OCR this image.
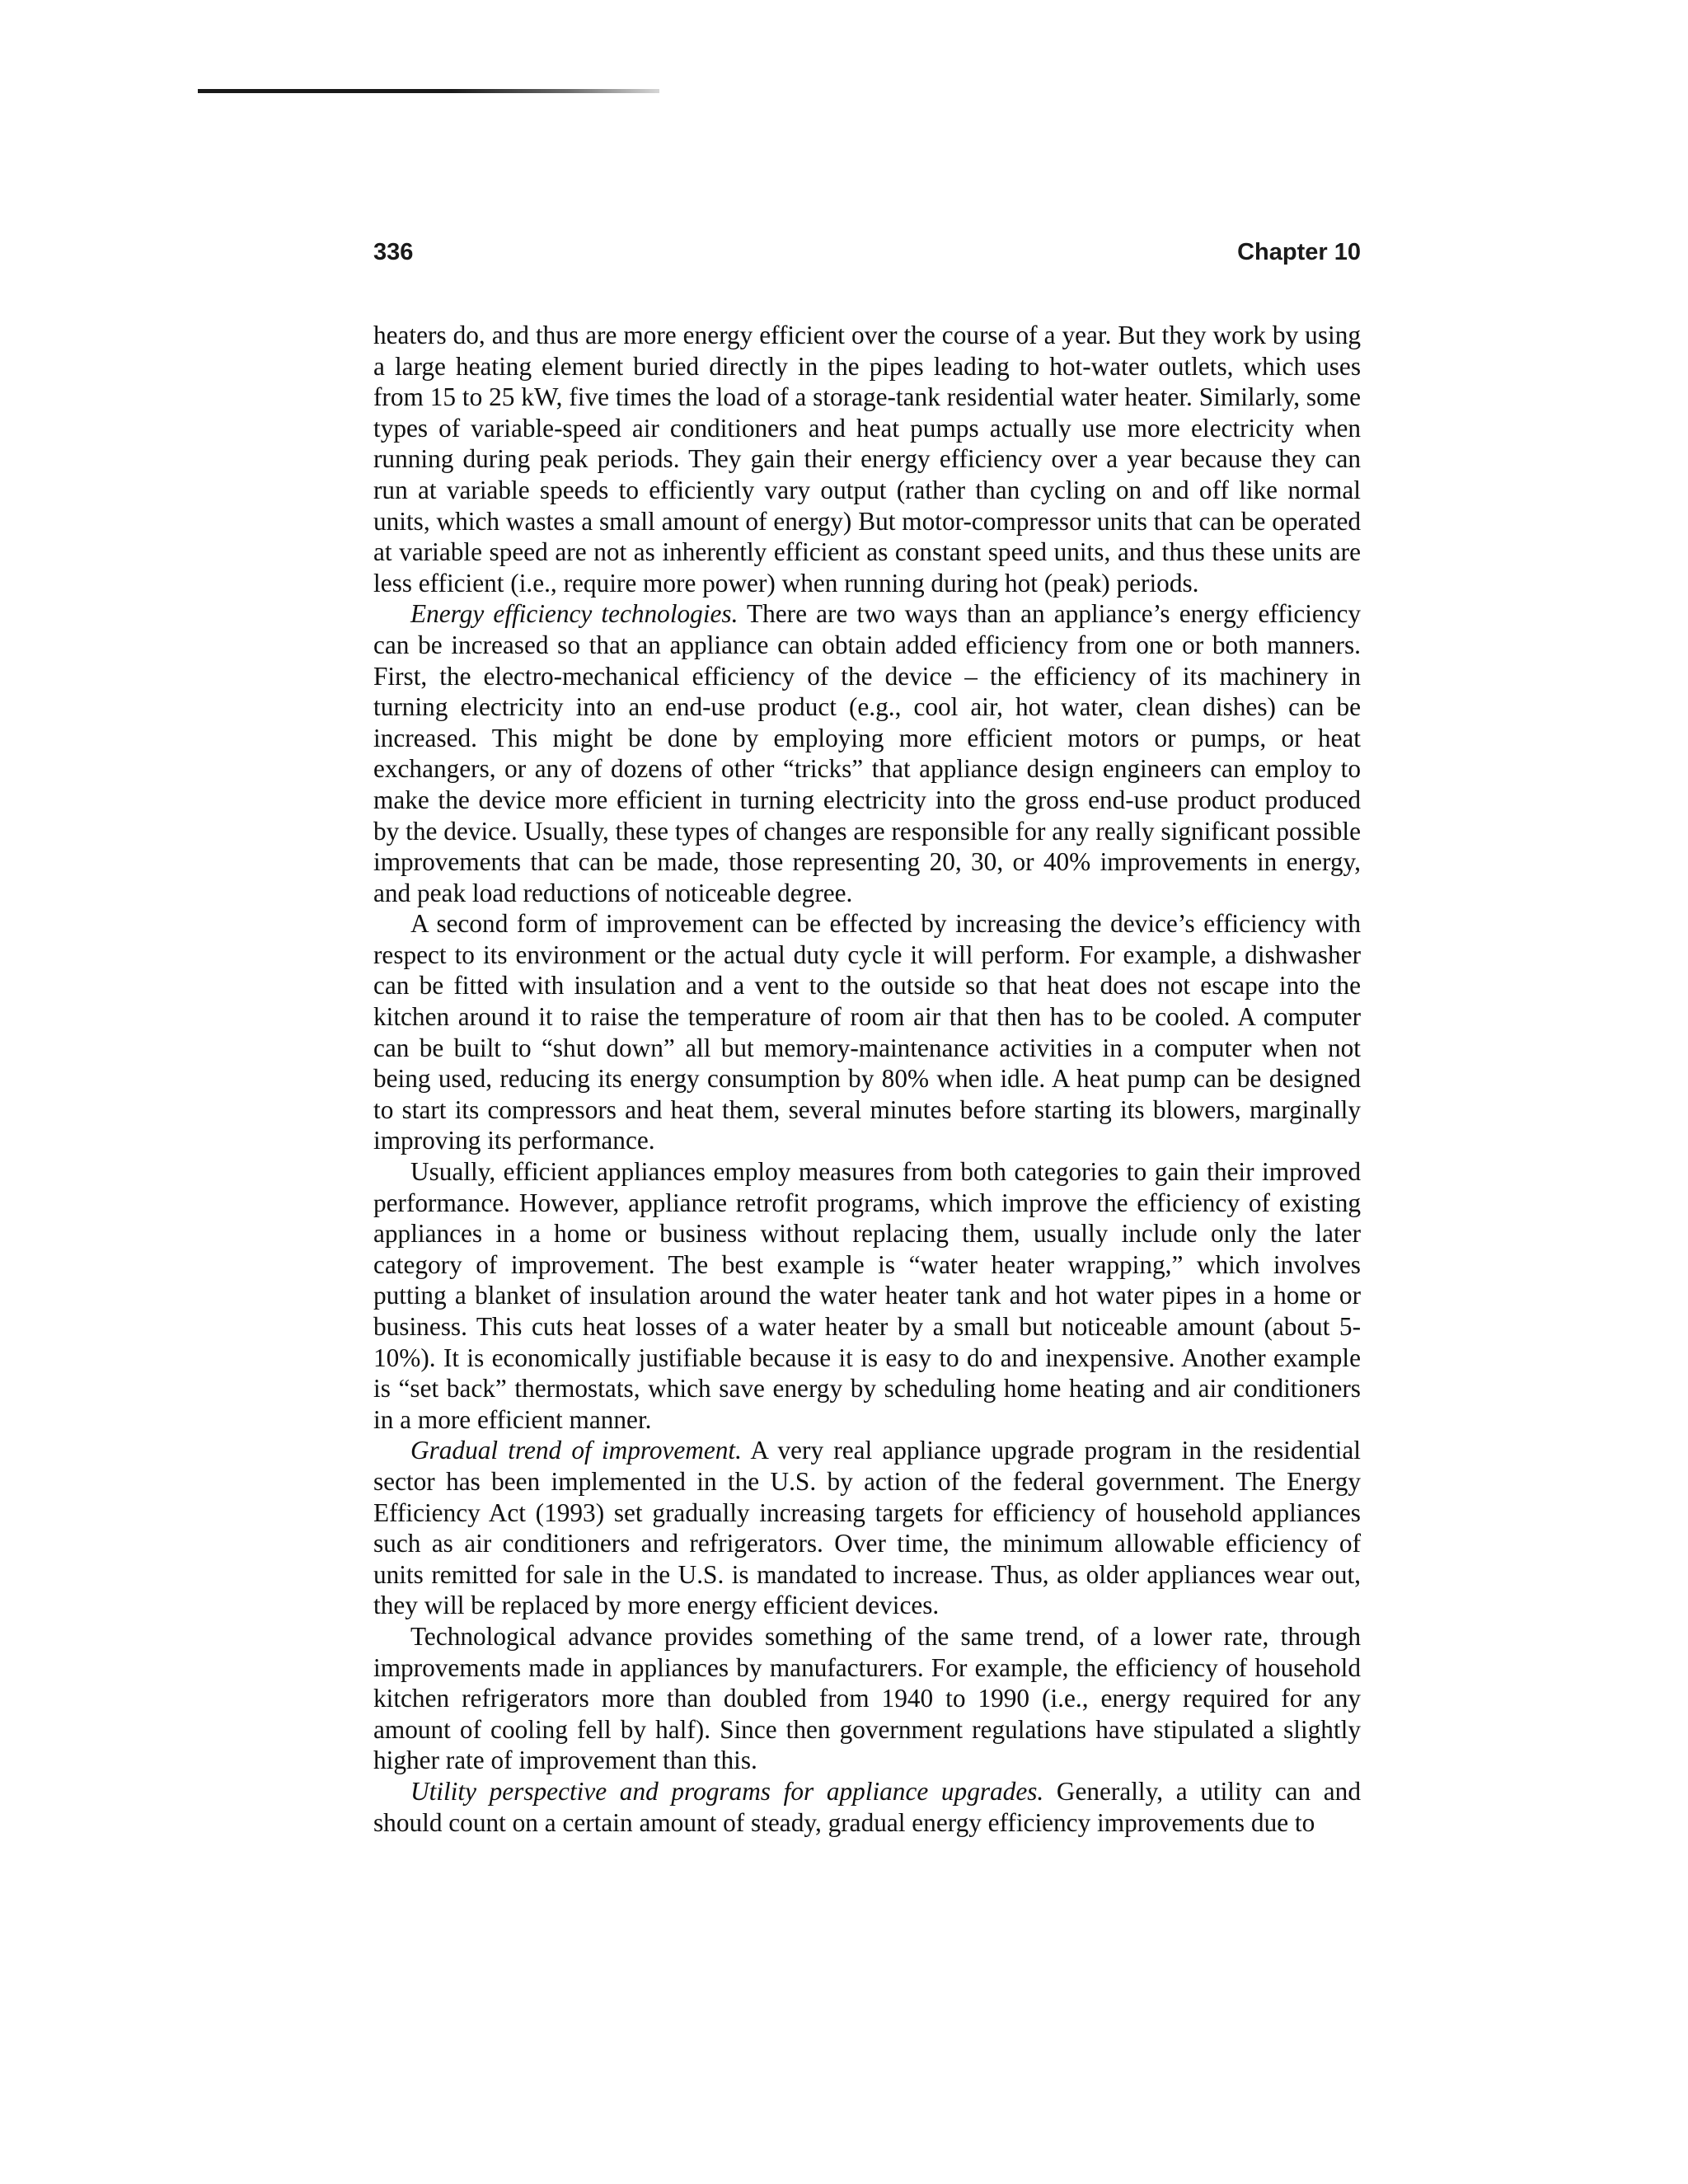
336	Chapter 10

heaters do, and thus are more energy efficient over the course of a year. But they work by using a large heating element buried directly in the pipes leading to hot-water outlets, which uses from 15 to 25 kW, five times the load of a storage-tank residential water heater. Similarly, some types of variable-speed air conditioners and heat pumps actually use more electricity when running during peak periods. They gain their energy efficiency over a year because they can run at variable speeds to efficiently vary output (rather than cycling on and off like normal units, which wastes a small amount of energy) But motor-compressor units that can be operated at variable speed are not as inherently efficient as constant speed units, and thus these units are less efficient (i.e., require more power) when running during hot (peak) periods.

Energy efficiency technologies. There are two ways than an appliance’s energy efficiency can be increased so that an appliance can obtain added efficiency from one or both manners. First, the electro-mechanical efficiency of the device – the efficiency of its machinery in turning electricity into an end-use product (e.g., cool air, hot water, clean dishes) can be increased. This might be done by employing more efficient motors or pumps, or heat exchangers, or any of dozens of other “tricks” that appliance design engineers can employ to make the device more efficient in turning electricity into the gross end-use product produced by the device. Usually, these types of changes are responsible for any really significant possible improvements that can be made, those representing 20, 30, or 40% improvements in energy, and peak load reductions of noticeable degree.

A second form of improvement can be effected by increasing the device’s efficiency with respect to its environment or the actual duty cycle it will perform. For example, a dishwasher can be fitted with insulation and a vent to the outside so that heat does not escape into the kitchen around it to raise the temperature of room air that then has to be cooled. A computer can be built to “shut down” all but memory-maintenance activities in a computer when not being used, reducing its energy consumption by 80% when idle. A heat pump can be designed to start its compressors and heat them, several minutes before starting its blowers, marginally improving its performance.

Usually, efficient appliances employ measures from both categories to gain their improved performance. However, appliance retrofit programs, which improve the efficiency of existing appliances in a home or business without replacing them, usually include only the later category of improvement. The best example is “water heater wrapping,” which involves putting a blanket of insulation around the water heater tank and hot water pipes in a home or business. This cuts heat losses of a water heater by a small but noticeable amount (about 5-10%). It is economically justifiable because it is easy to do and inexpensive. Another example is “set back” thermostats, which save energy by scheduling home heating and air conditioners in a more efficient manner.

Gradual trend of improvement. A very real appliance upgrade program in the residential sector has been implemented in the U.S. by action of the federal government. The Energy Efficiency Act (1993) set gradually increasing targets for efficiency of household appliances such as air conditioners and refrigerators. Over time, the minimum allowable efficiency of units remitted for sale in the U.S. is mandated to increase. Thus, as older appliances wear out, they will be replaced by more energy efficient devices.

Technological advance provides something of the same trend, of a lower rate, through improvements made in appliances by manufacturers. For example, the efficiency of household kitchen refrigerators more than doubled from 1940 to 1990 (i.e., energy required for any amount of cooling fell by half). Since then government regulations have stipulated a slightly higher rate of improvement than this.

Utility perspective and programs for appliance upgrades. Generally, a utility can and should count on a certain amount of steady, gradual energy efficiency improvements due to
